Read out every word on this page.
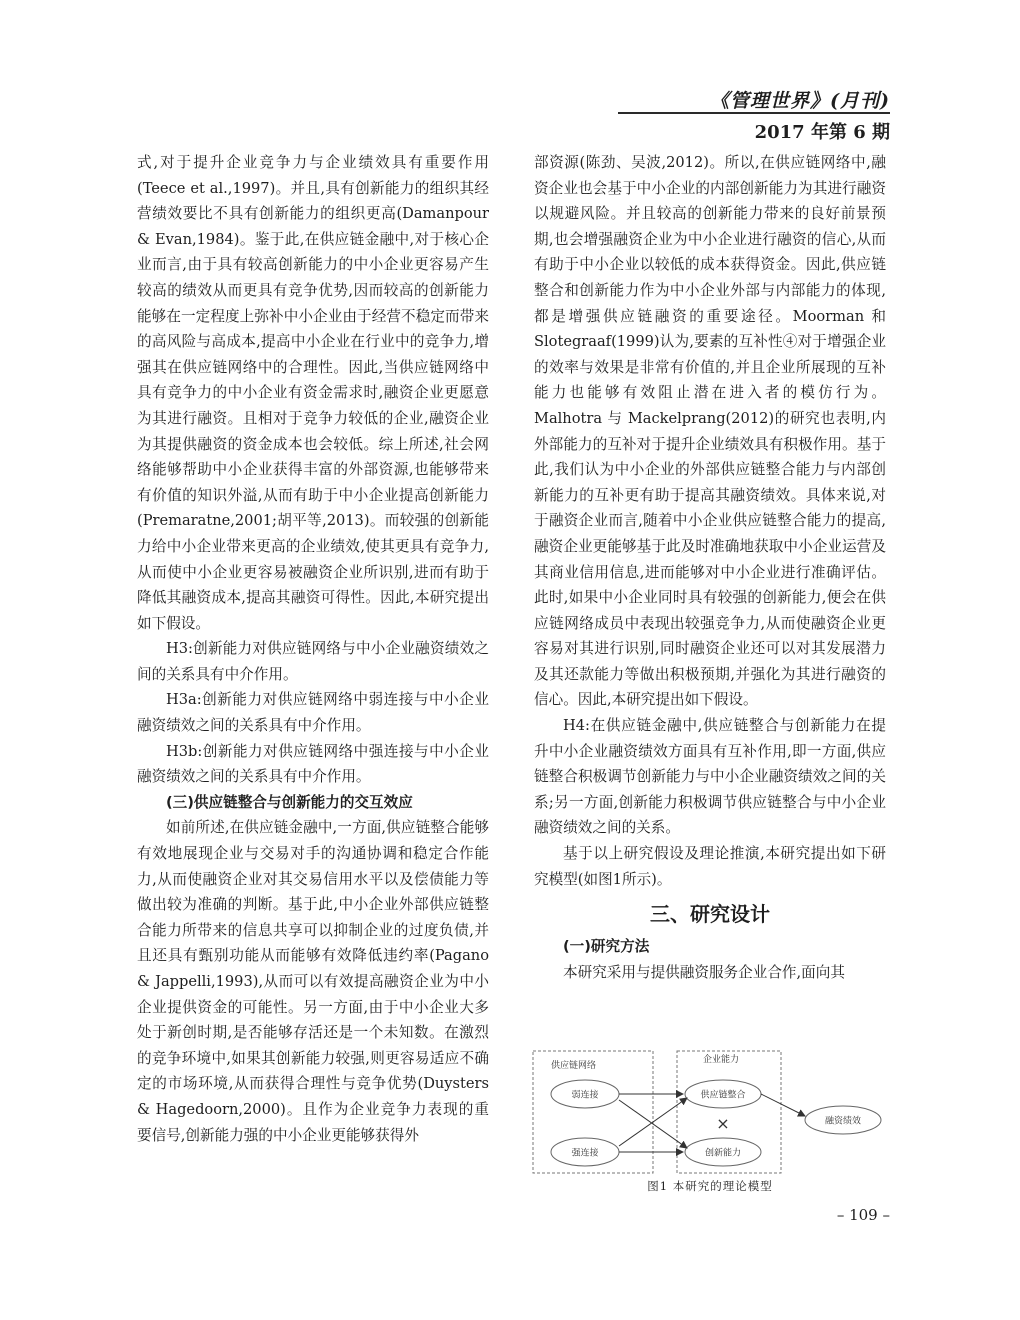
《管理世界》(月刊)
2017 年第 6 期

式,对于提升企业竞争力与企业绩效具有重要作用(Teece et al.,1997)。并且,具有创新能力的组织其经营绩效要比不具有创新能力的组织更高(Damanpour & Evan,1984)。鉴于此,在供应链金融中,对于核心企业而言,由于具有较高创新能力的中小企业更容易产生较高的绩效从而更具有竞争优势,因而较高的创新能力能够在一定程度上弥补中小企业由于经营不稳定而带来的高风险与高成本,提高中小企业在行业中的竞争力,增强其在供应链网络中的合理性。因此,当供应链网络中具有竞争力的中小企业有资金需求时,融资企业更愿意为其进行融资。且相对于竞争力较低的企业,融资企业为其提供融资的资金成本也会较低。综上所述,社会网络能够帮助中小企业获得丰富的外部资源,也能够带来有价值的知识外溢,从而有助于中小企业提高创新能力(Premaratne,2001;胡平等,2013)。而较强的创新能力给中小企业带来更高的企业绩效,使其更具有竞争力,从而使中小企业更容易被融资企业所识别,进而有助于降低其融资成本,提高其融资可得性。因此,本研究提出如下假设。

H3:创新能力对供应链网络与中小企业融资绩效之间的关系具有中介作用。

H3a:创新能力对供应链网络中弱连接与中小企业融资绩效之间的关系具有中介作用。

H3b:创新能力对供应链网络中强连接与中小企业融资绩效之间的关系具有中介作用。

(三)供应链整合与创新能力的交互效应

如前所述,在供应链金融中,一方面,供应链整合能够有效地展现企业与交易对手的沟通协调和稳定合作能力,从而使融资企业对其交易信用水平以及偿债能力等做出较为准确的判断。基于此,中小企业外部供应链整合能力所带来的信息共享可以抑制企业的过度负债,并且还具有甄别功能从而能够有效降低违约率(Pagano & Jappelli,1993),从而可以有效提高融资企业为中小企业提供资金的可能性。另一方面,由于中小企业大多处于新创时期,是否能够存活还是一个未知数。在激烈的竞争环境中,如果其创新能力较强,则更容易适应不确定的市场环境,从而获得合理性与竞争优势(Duysters & Hagedoorn,2000)。且作为企业竞争力表现的重要信号,创新能力强的中小企业更能够获得外

部资源(陈劲、吴波,2012)。所以,在供应链网络中,融资企业也会基于中小企业的内部创新能力为其进行融资以规避风险。并且较高的创新能力带来的良好前景预期,也会增强融资企业为中小企业进行融资的信心,从而有助于中小企业以较低的成本获得资金。因此,供应链整合和创新能力作为中小企业外部与内部能力的体现,都是增强供应链融资的重要途径。Moorman 和 Slotegraaf(1999)认为,要素的互补性④对于增强企业的效率与效果是非常有价值的,并且企业所展现的互补能力也能够有效阻止潜在进入者的模仿行为。Malhotra 与 Mackelprang(2012)的研究也表明,内外部能力的互补对于提升企业绩效具有积极作用。基于此,我们认为中小企业的外部供应链整合能力与内部创新能力的互补更有助于提高其融资绩效。具体来说,对于融资企业而言,随着中小企业供应链整合能力的提高,融资企业更能够基于此及时准确地获取中小企业运营及其商业信用信息,进而能够对中小企业进行准确评估。此时,如果中小企业同时具有较强的创新能力,便会在供应链网络成员中表现出较强竞争力,从而使融资企业更容易对其进行识别,同时融资企业还可以对其发展潜力及其还款能力等做出积极预期,并强化为其进行融资的信心。因此,本研究提出如下假设。

H4:在供应链金融中,供应链整合与创新能力在提升中小企业融资绩效方面具有互补作用,即一方面,供应链整合积极调节创新能力与中小企业融资绩效之间的关系;另一方面,创新能力积极调节供应链整合与中小企业融资绩效之间的关系。

基于以上研究假设及理论推演,本研究提出如下研究模型(如图1所示)。

三、研究设计

(一)研究方法

本研究采用与提供融资服务企业合作,面向其

供应链网络
企业能力
弱连接
强连接
供应链整合
创新能力
×	融资绩效
图1 本研究的理论模型
– 109 –
